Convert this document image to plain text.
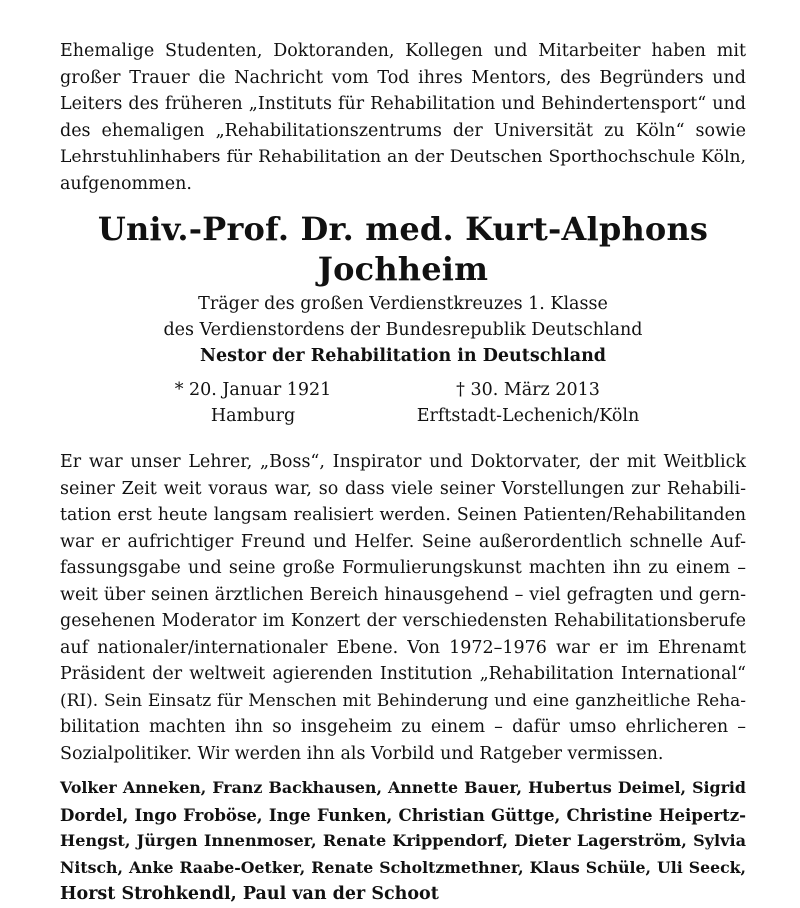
Ehemalige Studenten, Doktoranden, Kollegen und Mitarbeiter haben mit
großer Trauer die Nachricht vom Tod ihres Mentors, des Begründers und
Leiters des früheren „Instituts für Rehabilitation und Behindertensport“ und
des ehemaligen „Rehabilitationszentrums der Universität zu Köln“ sowie
Lehrstuhlinhabers für Rehabilitation an der Deutschen Sporthochschule Köln,
aufgenommen.

Univ.-Prof. Dr. med. Kurt-Alphons Jochheim
Träger des großen Verdienstkreuzes 1. Klasse
des Verdienstordens der Bundesrepublik Deutschland
Nestor der Rehabilitation in Deutschland
* 20. Januar 1921
Hamburg
† 30. März 2013
Erftstadt-Lechenich/Köln

Er war unser Lehrer, „Boss“, Inspirator und Doktorvater, der mit Weitblick
seiner Zeit weit voraus war, so dass viele seiner Vorstellungen zur Rehabili-
tation erst heute langsam realisiert werden. Seinen Patienten/Rehabilitanden
war er aufrichtiger Freund und Helfer. Seine außerordentlich schnelle Auf-
fassungsgabe und seine große Formulierungskunst machten ihn zu einem –
weit über seinen ärztlichen Bereich hinausgehend – viel gefragten und gern-
gesehenen Moderator im Konzert der verschiedensten Rehabilitationsberufe
auf nationaler/internationaler Ebene. Von 1972–1976 war er im Ehrenamt
Präsident der weltweit agierenden Institution „Rehabilitation International“
(RI). Sein Einsatz für Menschen mit Behinderung und eine ganzheitliche Reha-
bilitation machten ihn so insgeheim zu einem – dafür umso ehrlicheren –
Sozialpolitiker. Wir werden ihn als Vorbild und Ratgeber vermissen.

Volker Anneken, Franz Backhausen, Annette Bauer, Hubertus Deimel, Sigrid
Dordel, Ingo Froböse, Inge Funken, Christian Güttge, Christine Heipertz-
Hengst, Jürgen Innenmoser, Renate Krippendorf, Dieter Lagerström, Sylvia
Nitsch, Anke Raabe-Oetker, Renate Scholtzmethner, Klaus Schüle, Uli Seeck,
Horst Strohkendl, Paul van der Schoot
